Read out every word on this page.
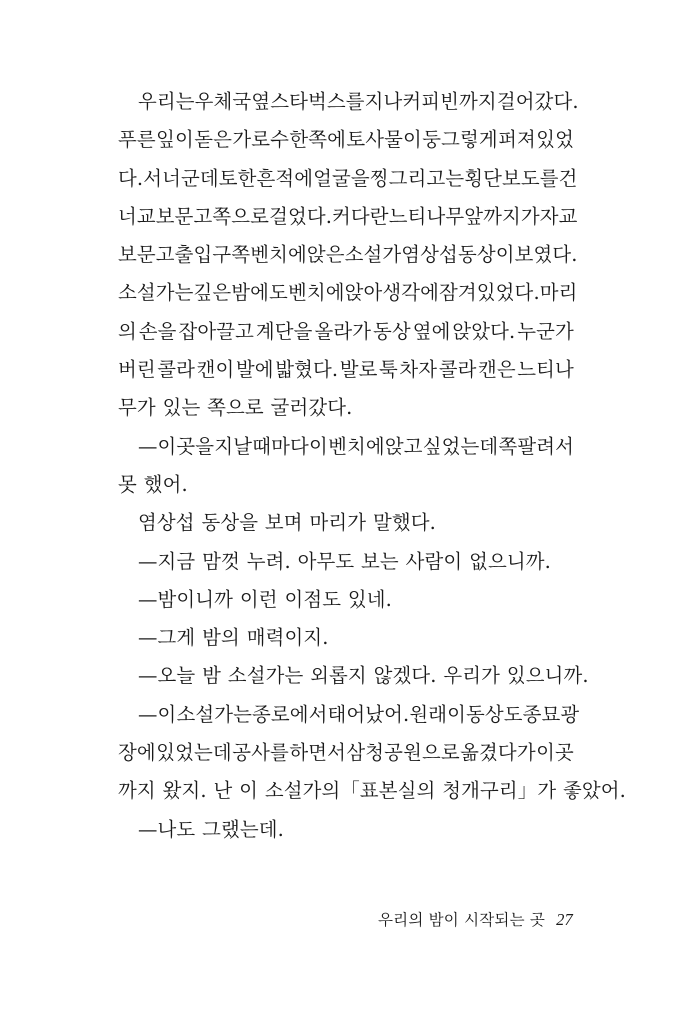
우리는 우체국 옆 스타벅스를 지나 커피빈까지 걸어갔다.
푸른 잎이 돋은 가로수 한쪽에 토사물이 둥그렇게 퍼져 있었
다. 서너 군데 토한 흔적에 얼굴을 찡그리고는 횡단보도를 건
너 교보문고 쪽으로 걸었다. 커다란 느티나무 앞까지 가자 교
보문고 출입구 쪽 벤치에 앉은 소설가 염상섭 동상이 보였다.
소설가는 깊은 밤에도 벤치에 앉아 생각에 잠겨 있었다. 마리
의 손을 잡아끌고 계단을 올라가 동상 옆에 앉았다. 누군가
버린 콜라 캔이 발에 밟혔다. 발로 툭 차자 콜라 캔은 느티나
무가 있는 쪽으로 굴러갔다.
—이곳을 지날 때마다 이 벤치에 앉고 싶었는데 쪽팔려서
못 했어.
염상섭 동상을 보며 마리가 말했다.
—지금 맘껏 누려. 아무도 보는 사람이 없으니까.
—밤이니까 이런 이점도 있네.
—그게 밤의 매력이지.
—오늘 밤 소설가는 외롭지 않겠다. 우리가 있으니까.
—이 소설가는 종로에서 태어났어. 원래 이 동상도 종묘광
장에 있었는데 공사를 하면서 삼청공원으로 옮겼다가 이곳
까지 왔지. 난 이 소설가의「표본실의 청개구리」가 좋았어.
—나도 그랬는데.
우리의 밤이 시작되는 곳 27
